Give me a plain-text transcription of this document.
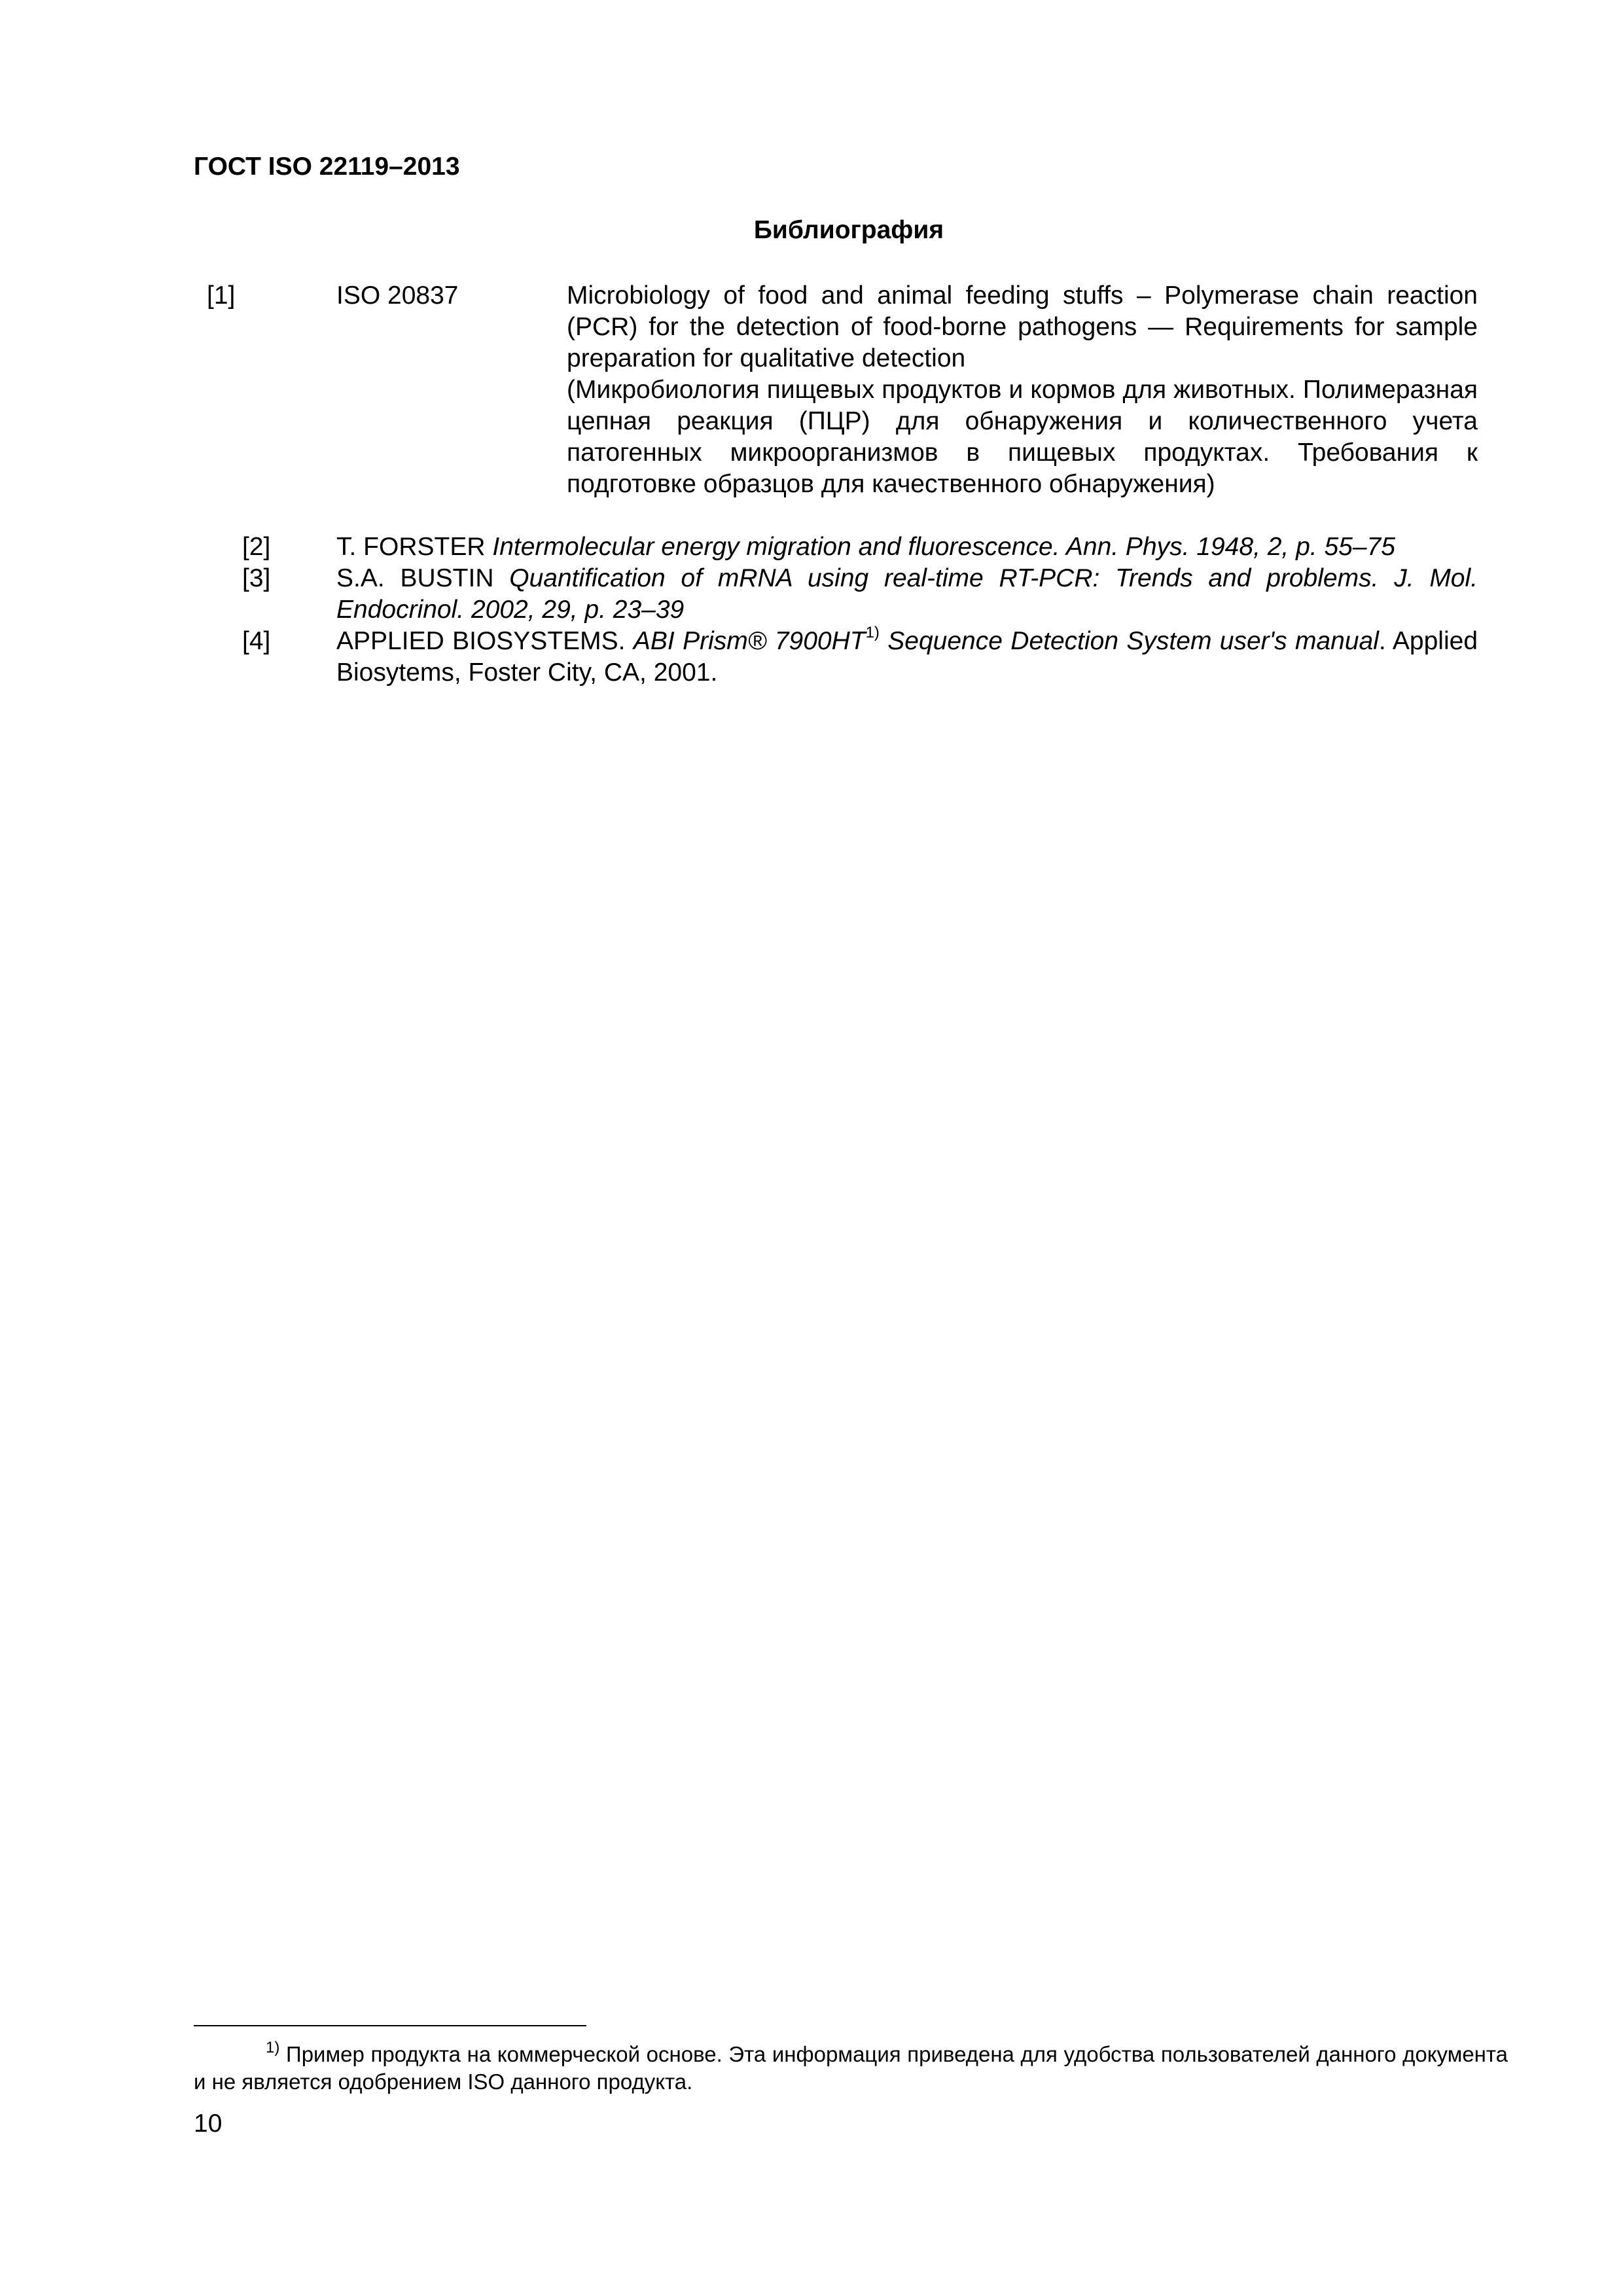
ГОСТ ISO 22119–2013
Библиография
[1]	ISO 20837	Microbiology of food and animal feeding stuffs – Polymerase chain reaction (PCR) for the detection of food-borne pathogens — Requirements for sample preparation for qualitative detection
(Микробиология пищевых продуктов и кормов для животных. Полимеразная цепная реакция (ПЦР) для обнаружения и количественного учета патогенных микроорганизмов в пищевых продуктах. Требования к подготовке образцов для качественного обнаружения)
[2]	T. FORSTER Intermolecular energy migration and fluorescence. Ann. Phys. 1948, 2, p. 55–75
[3]	S.A. BUSTIN Quantification of mRNA using real-time RT-PCR: Trends and problems. J. Mol. Endocrinol. 2002, 29, p. 23–39
[4]	APPLIED BIOSYSTEMS. ABI Prism® 7900HT$^{1)}$ Sequence Detection System user's manual. Applied Biosytems, Foster City, CA, 2001.
$^{1)}$ Пример продукта на коммерческой основе. Эта информация приведена для удобства пользователей данного документа и не является одобрением ISO данного продукта.
10
